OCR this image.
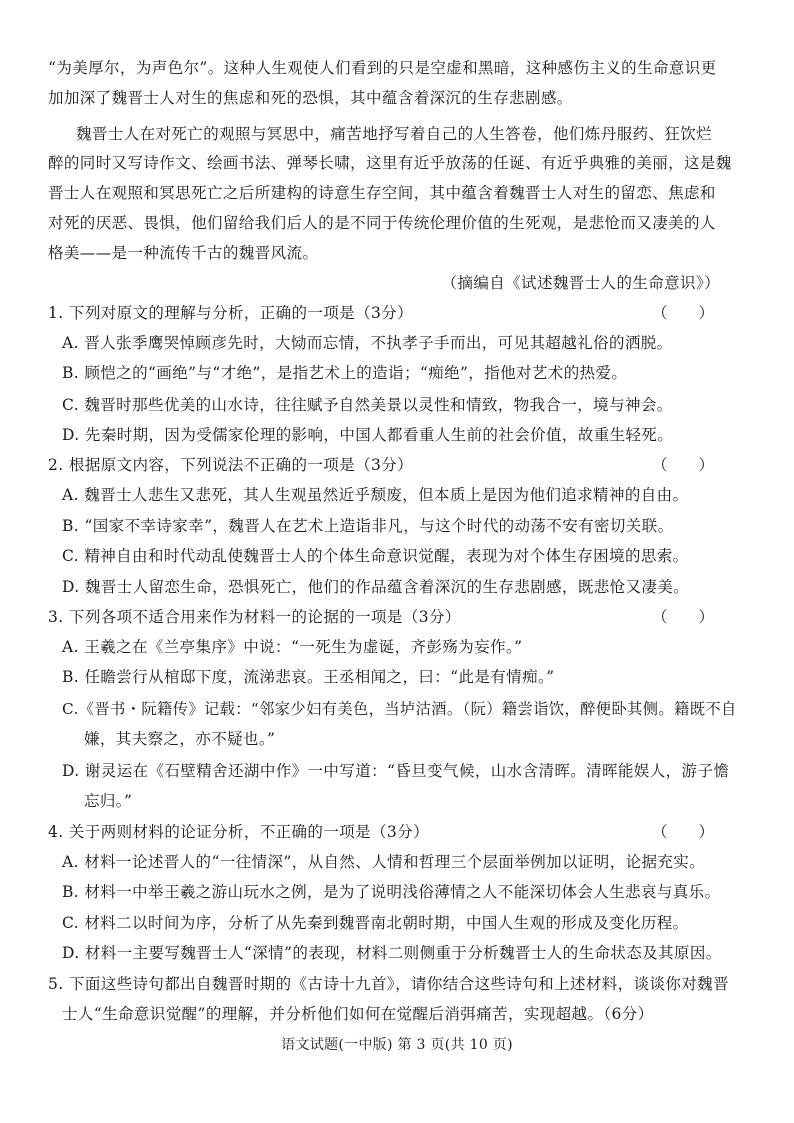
“为美厚尔，为声色尔”。这种人生观使人们看到的只是空虚和黑暗，这种感伤主义的生命意识更
加加深了魏晋士人对生的焦虑和死的恐惧，其中蕴含着深沉的生存悲剧感。
魏晋士人在对死亡的观照与冥思中，痛苦地抒写着自己的人生答卷，他们炼丹服药、狂饮烂
醉的同时又写诗作文、绘画书法、弹琴长啸，这里有近乎放荡的任诞、有近乎典雅的美丽，这是魏
晋士人在观照和冥思死亡之后所建构的诗意生存空间，其中蕴含着魏晋士人对生的留恋、焦虑和
对死的厌恶、畏惧，他们留给我们后人的是不同于传统伦理价值的生死观，是悲怆而又凄美的人
格美——是一种流传千古的魏晋风流。
（摘编自《试述魏晋士人的生命意识》）
1. 下列对原文的理解与分析，正确的一项是（3分）	（　　）
A. 晋人张季鹰哭悼顾彦先时，大恸而忘情，不执孝子手而出，可见其超越礼俗的洒脱。
B. 顾恺之的“画绝”与“才绝”，是指艺术上的造诣；“痴绝”，指他对艺术的热爱。
C. 魏晋时那些优美的山水诗，往往赋予自然美景以灵性和情致，物我合一，境与神会。
D. 先秦时期，因为受儒家伦理的影响，中国人都看重人生前的社会价值，故重生轻死。
2. 根据原文内容，下列说法不正确的一项是（3分）	（　　）
A. 魏晋士人悲生又悲死，其人生观虽然近乎颓废，但本质上是因为他们追求精神的自由。
B. “国家不幸诗家幸”，魏晋人在艺术上造诣非凡，与这个时代的动荡不安有密切关联。
C. 精神自由和时代动乱使魏晋士人的个体生命意识觉醒，表现为对个体生存困境的思索。
D. 魏晋士人留恋生命，恐惧死亡，他们的作品蕴含着深沉的生存悲剧感，既悲怆又凄美。
3. 下列各项不适合用来作为材料一的论据的一项是（3分）	（　　）
A. 王羲之在《兰亭集序》中说：“一死生为虚诞，齐彭殇为妄作。”
B. 任瞻尝行从棺邸下度，流涕悲哀。王丞相闻之，曰：“此是有情痴。”
C.《晋书・阮籍传》记载：“邻家少妇有美色，当垆沽酒。（阮）籍尝诣饮，醉便卧其侧。籍既不自
嫌，其夫察之，亦不疑也。”
D. 谢灵运在《石壁精舍还湖中作》一中写道：“昏旦变气候，山水含清晖。清晖能娱人，游子憺
忘归。”
4. 关于两则材料的论证分析，不正确的一项是（3分）	（　　）
A. 材料一论述晋人的“一往情深”，从自然、人情和哲理三个层面举例加以证明，论据充实。
B. 材料一中举王羲之游山玩水之例，是为了说明浅俗薄情之人不能深切体会人生悲哀与真乐。
C. 材料二以时间为序，分析了从先秦到魏晋南北朝时期，中国人生观的形成及变化历程。
D. 材料一主要写魏晋士人“深情”的表现，材料二则侧重于分析魏晋士人的生命状态及其原因。
5. 下面这些诗句都出自魏晋时期的《古诗十九首》，请你结合这些诗句和上述材料，谈谈你对魏晋
士人“生命意识觉醒”的理解，并分析他们如何在觉醒后消弭痛苦，实现超越。（6分）
语文试题(一中版) 第 3 页(共 10 页)
